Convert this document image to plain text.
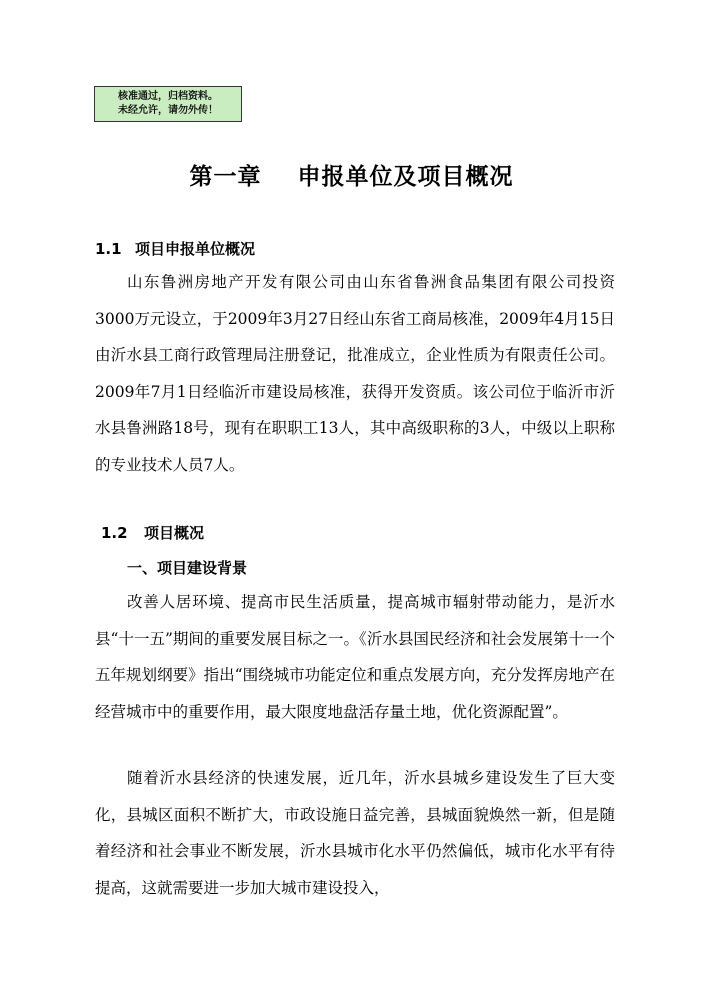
核准通过，归档资料。
未经允许，请勿外传！
第一章    申报单位及项目概况
1.1 项目申报单位概况

山东鲁洲房地产开发有限公司由山东省鲁洲食品集团有限公司投资3000万元设立，于2009年3月27日经山东省工商局核准，2009年4月15日由沂水县工商行政管理局注册登记，批准成立，企业性质为有限责任公司。2009年7月1日经临沂市建设局核准，获得开发资质。该公司位于临沂市沂水县鲁洲路18号，现有在职职工13人，其中高级职称的3人，中级以上职称的专业技术人员7人。

1.2 项目概况
一、项目建设背景

改善人居环境、提高市民生活质量，提高城市辐射带动能力，是沂水县“十一五”期间的重要发展目标之一。《沂水县国民经济和社会发展第十一个五年规划纲要》指出“围绕城市功能定位和重点发展方向，充分发挥房地产在经营城市中的重要作用，最大限度地盘活存量土地，优化资源配置”。

随着沂水县经济的快速发展，近几年，沂水县城乡建设发生了巨大变化，县城区面积不断扩大，市政设施日益完善，县城面貌焕然一新，但是随着经济和社会事业不断发展，沂水县城市化水平仍然偏低，城市化水平有待提高，这就需要进一步加大城市建设投入，
